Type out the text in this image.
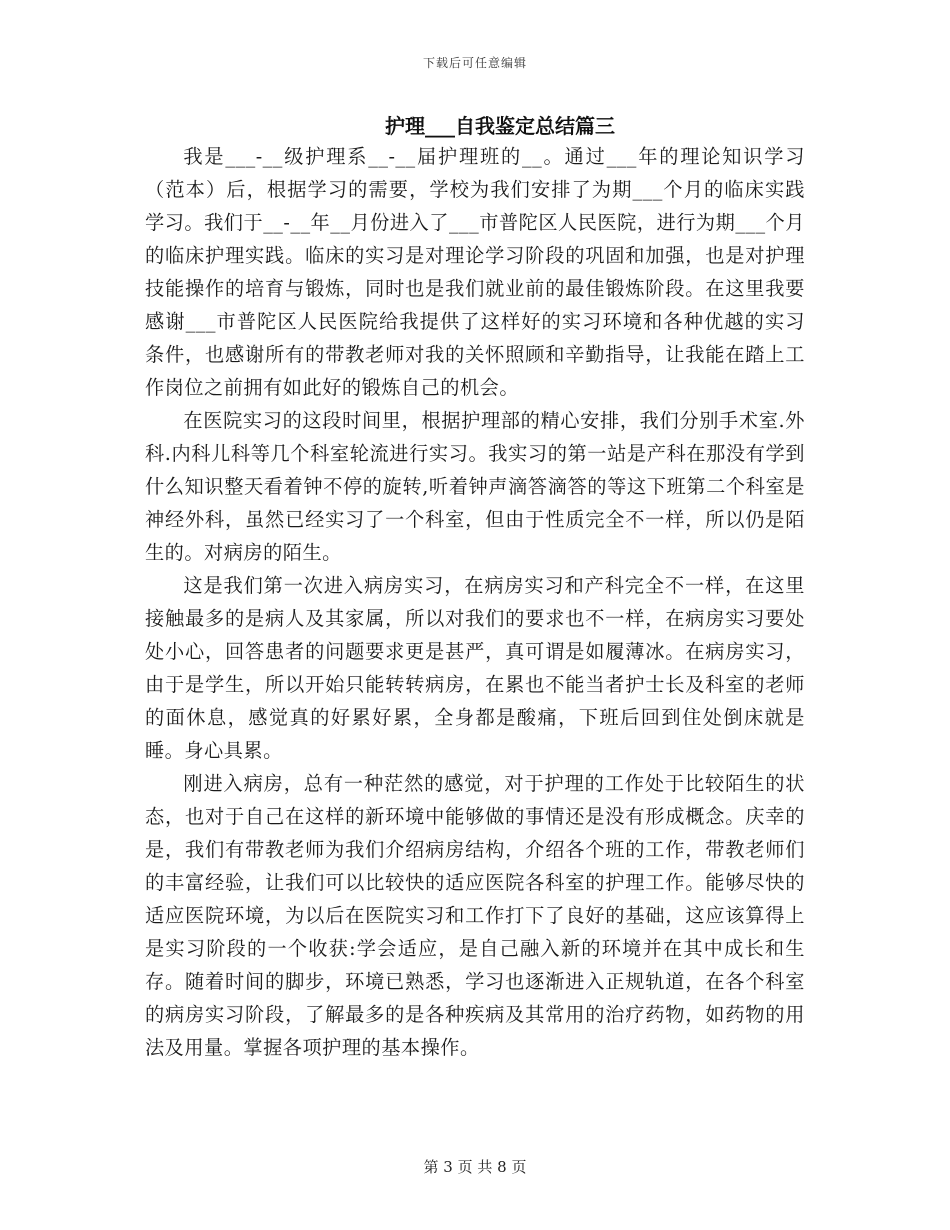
下载后可任意编辑
护理___自我鉴定总结篇三

我是___-__级护理系__-__届护理班的__。通过___年的理论知识学习（范本）后，根据学习的需要，学校为我们安排了为期___个月的临床实践学习。我们于__-__年__月份进入了___市普陀区人民医院，进行为期___个月的临床护理实践。临床的实习是对理论学习阶段的巩固和加强，也是对护理技能操作的培育与锻炼，同时也是我们就业前的最佳锻炼阶段。在这里我要感谢___市普陀区人民医院给我提供了这样好的实习环境和各种优越的实习条件，也感谢所有的带教老师对我的关怀照顾和辛勤指导，让我能在踏上工作岗位之前拥有如此好的锻炼自己的机会。

在医院实习的这段时间里，根据护理部的精心安排，我们分别手术室.外科.内科儿科等几个科室轮流进行实习。我实习的第一站是产科在那没有学到什么知识整天看着钟不停的旋转,听着钟声滴答滴答的等这下班第二个科室是神经外科，虽然已经实习了一个科室，但由于性质完全不一样，所以仍是陌生的。对病房的陌生。

这是我们第一次进入病房实习，在病房实习和产科完全不一样，在这里接触最多的是病人及其家属，所以对我们的要求也不一样，在病房实习要处处小心，回答患者的问题要求更是甚严，真可谓是如履薄冰。在病房实习，由于是学生，所以开始只能转转病房，在累也不能当者护士长及科室的老师的面休息，感觉真的好累好累，全身都是酸痛，下班后回到住处倒床就是睡。身心具累。

刚进入病房，总有一种茫然的感觉，对于护理的工作处于比较陌生的状态，也对于自己在这样的新环境中能够做的事情还是没有形成概念。庆幸的是，我们有带教老师为我们介绍病房结构，介绍各个班的工作，带教老师们的丰富经验，让我们可以比较快的适应医院各科室的护理工作。能够尽快的适应医院环境，为以后在医院实习和工作打下了良好的基础，这应该算得上是实习阶段的一个收获:学会适应，是自己融入新的环境并在其中成长和生存。随着时间的脚步，环境已熟悉，学习也逐渐进入正规轨道，在各个科室的病房实习阶段，了解最多的是各种疾病及其常用的治疗药物，如药物的用法及用量。掌握各项护理的基本操作。

第 3 页 共 8 页
